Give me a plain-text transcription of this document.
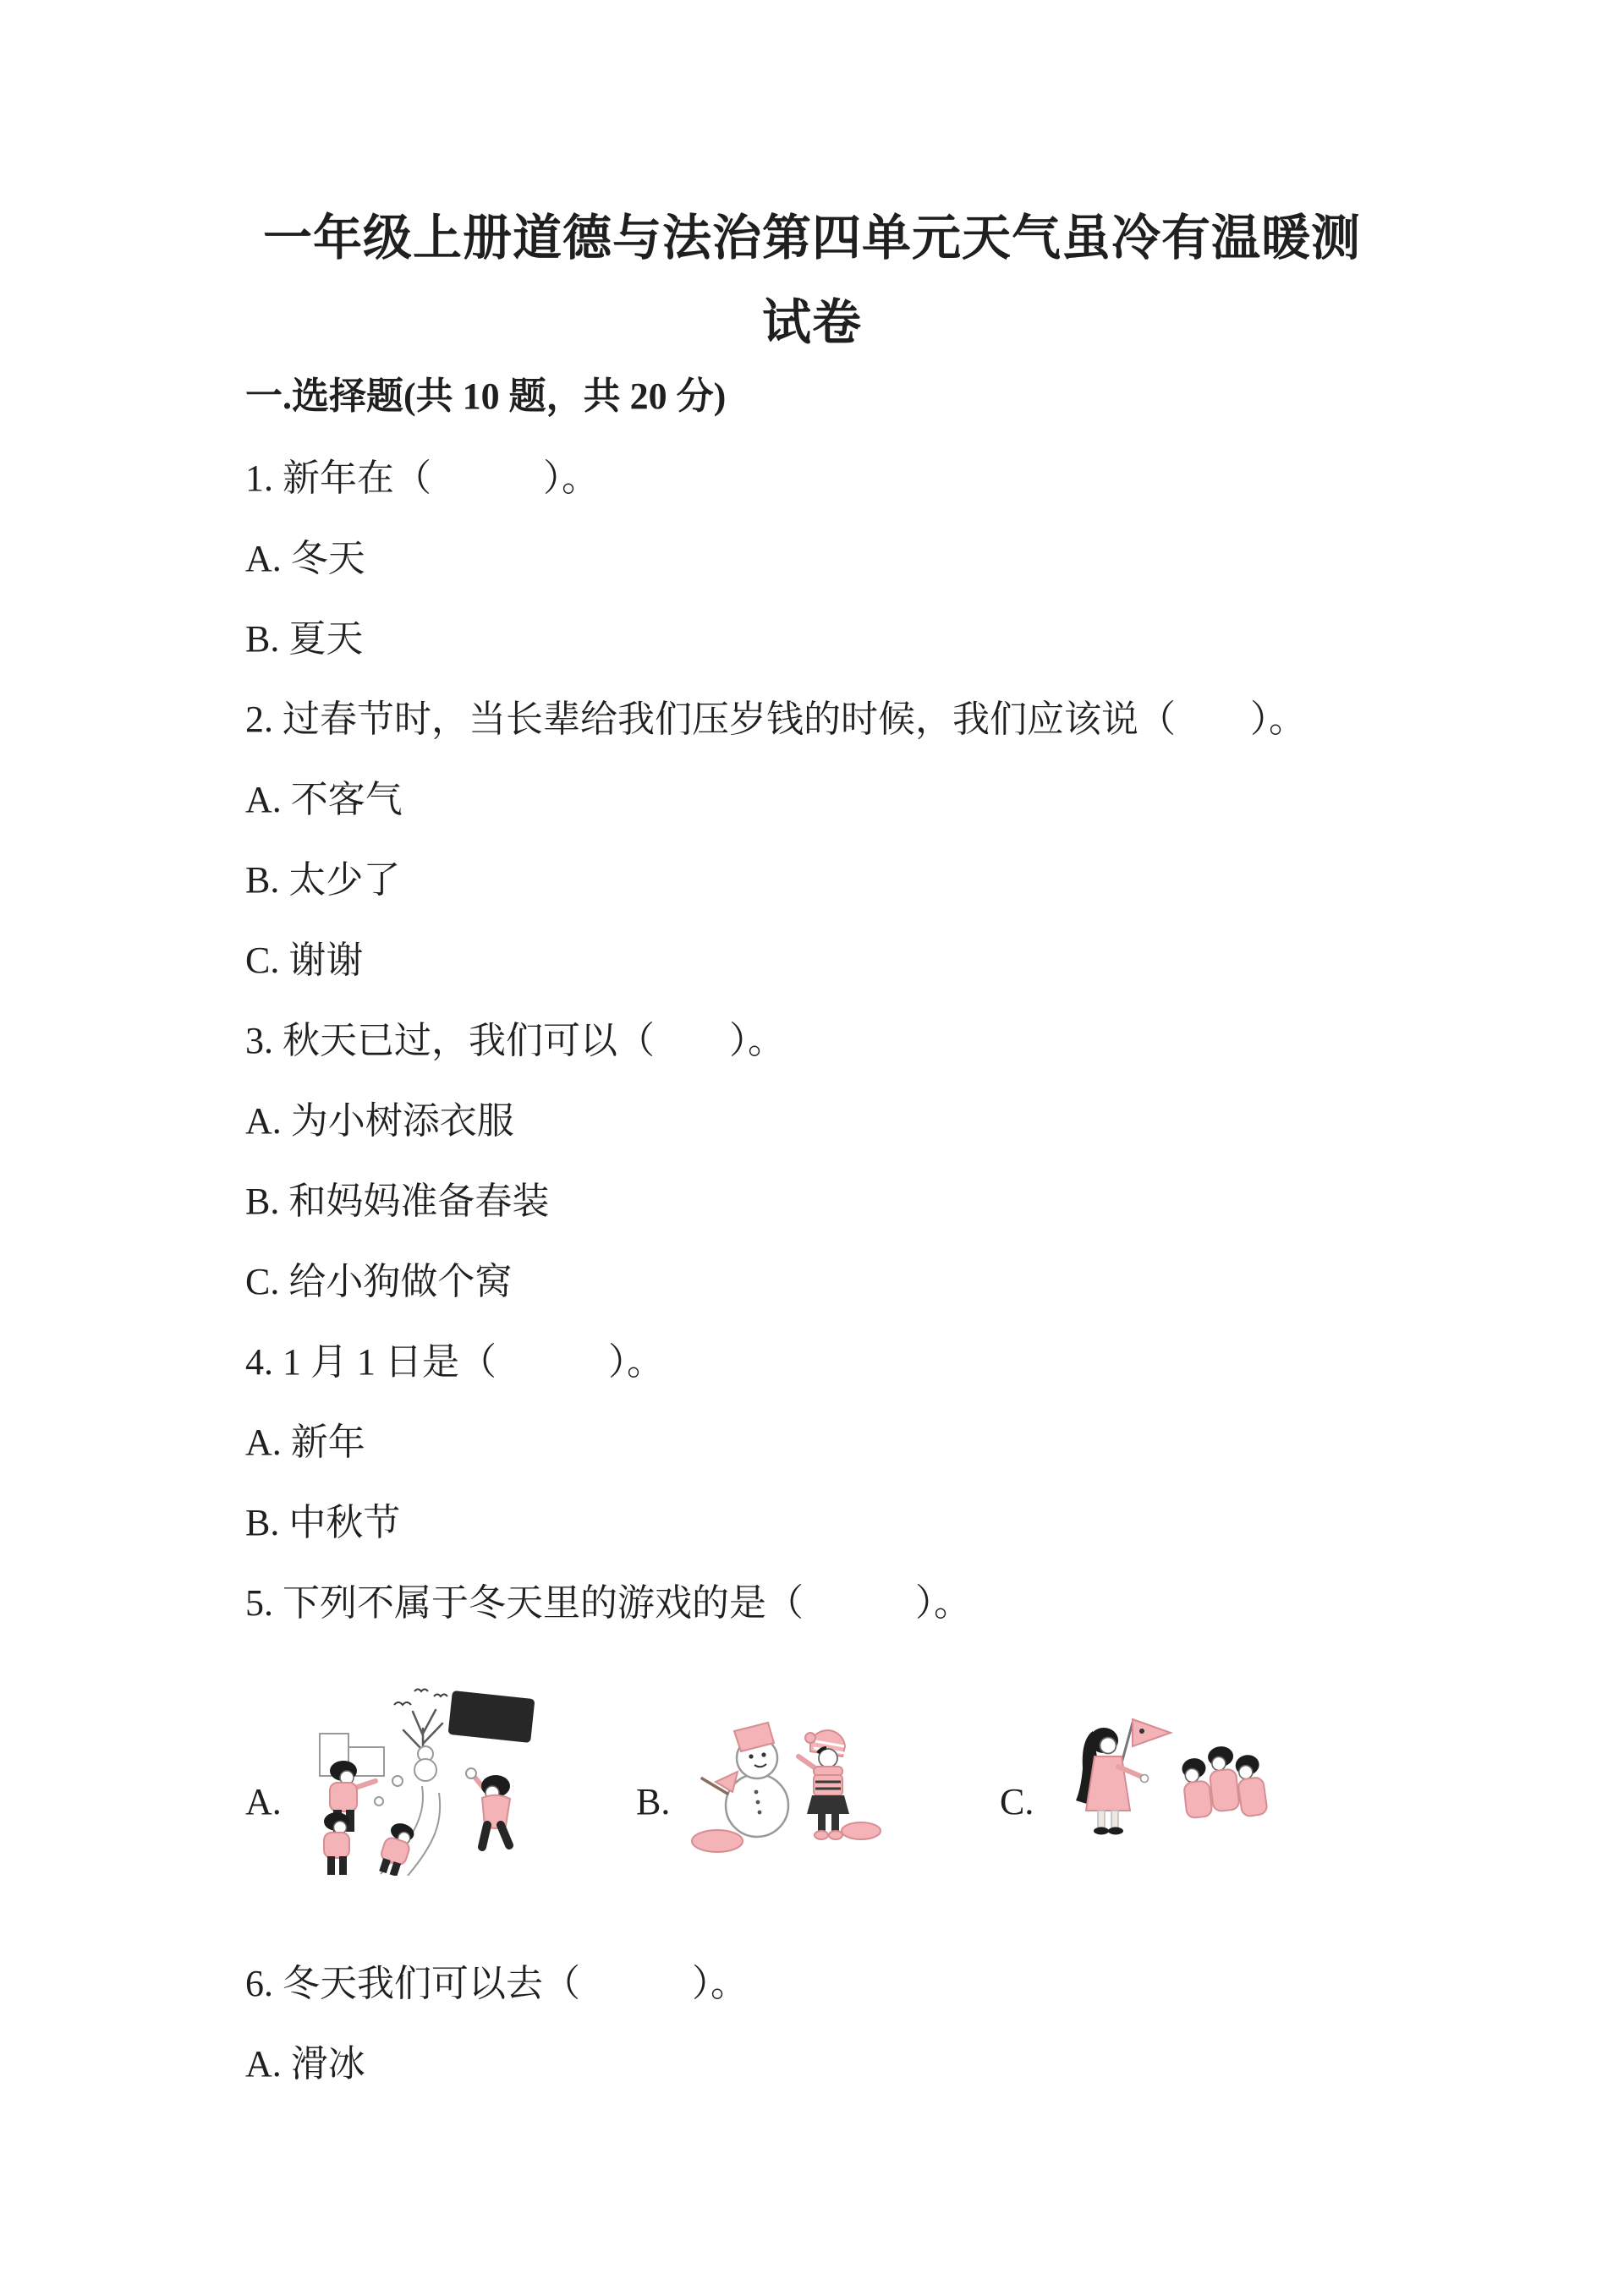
一年级上册道德与法治第四单元天气虽冷有温暖测
试卷
一.选择题(共 10 题，共 20 分)
1. 新年在（　　　）。
A. 冬天
B. 夏天
2. 过春节时，当长辈给我们压岁钱的时候，我们应该说（　　）。
A. 不客气
B. 太少了
C. 谢谢
3. 秋天已过，我们可以（　　）。
A. 为小树添衣服
B. 和妈妈准备春装
C. 给小狗做个窝
4. 1 月 1 日是（　　　）。
A. 新年
B. 中秋节
5. 下列不属于冬天里的游戏的是（　　　）。
A.	B.	C.
6. 冬天我们可以去（　　　）。
A. 滑冰
